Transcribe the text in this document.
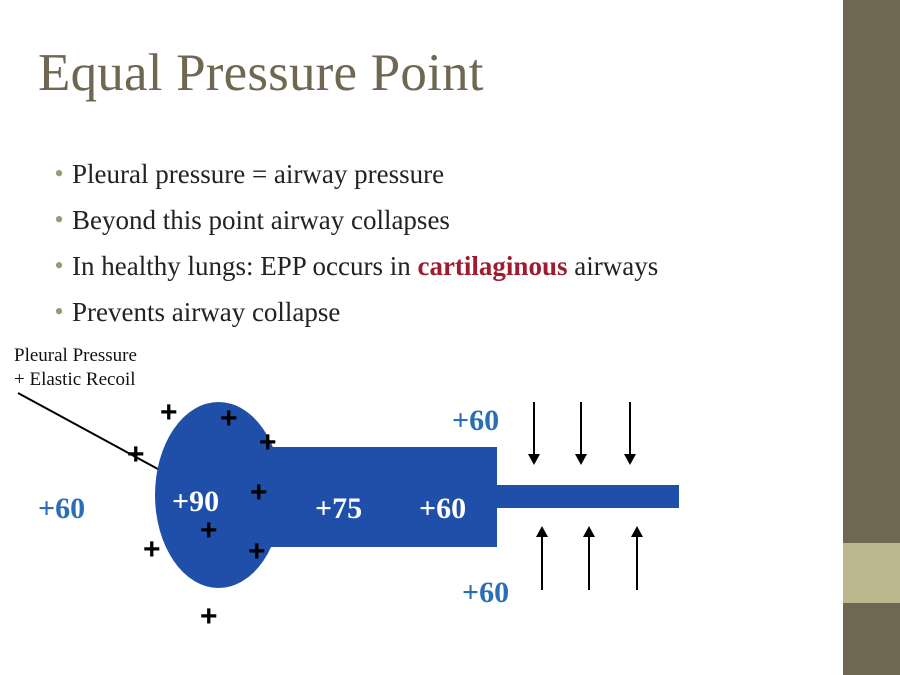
Equal Pressure Point
• Pleural pressure = airway pressure
• Beyond this point airway collapses
• In healthy lungs: EPP occurs in cartilaginous airways
• Prevents airway collapse
Pleural Pressure
+ Elastic Recoil
+60
+60
+60
+90	+75 +60
+ +
+
+
+
+
+
+
+
